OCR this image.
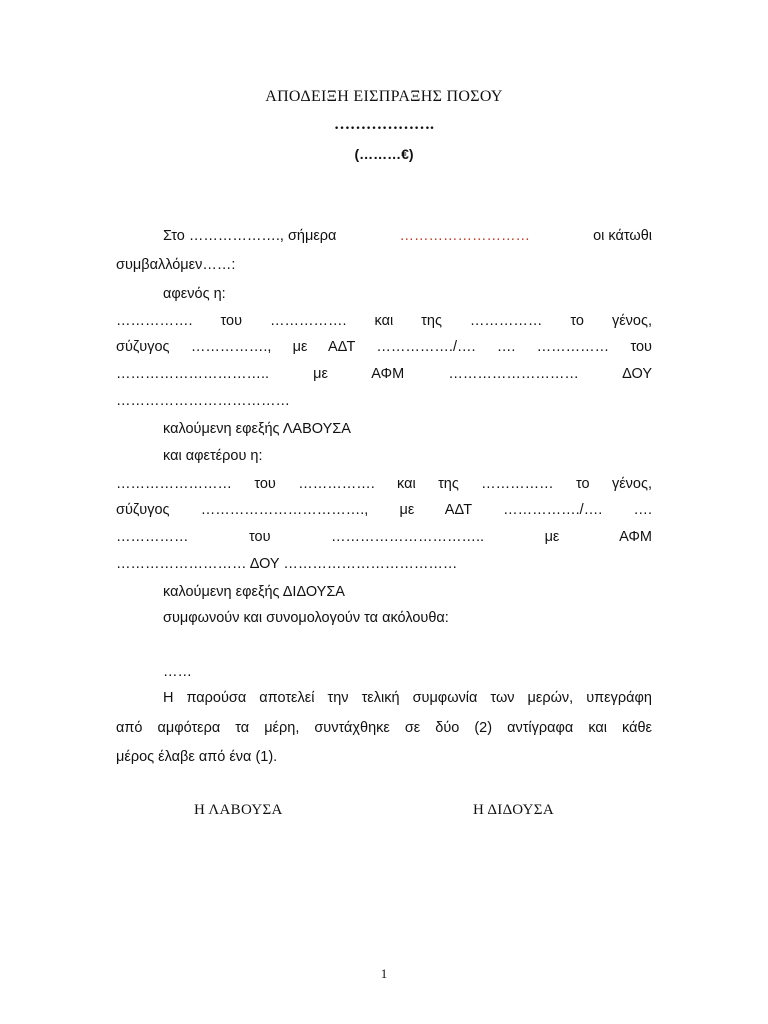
ΑΠΟΔΕΙΞΗ ΕΙΣΠΡΑΞΗΣ ΠΟΣΟΥ
……………….
(………€)
Στο ………………., σήμερα	………………………	οι κάτωθι
συμβαλλόμεν……:
αφενός η:
……………. του ……………. και της …………… το γένος,
σύζυγος ……………., με ΑΔΤ ……………./…. …. …………… του
………………………….. με ΑΦΜ ……………………… ΔΟΥ
………………………………
καλούμενη εφεξής ΛΑΒΟΥΣΑ
και αφετέρου η:
…………………… του ……………. και της …………… το γένος,
σύζυγος ……………………………., με ΑΔΤ ……………./…. ….
…………… του ………………………….. με ΑΦΜ
……………………… ΔΟΥ ………………………………
καλούμενη εφεξής ΔΙΔΟΥΣΑ
συμφωνούν και συνομολογούν τα ακόλουθα:
……
Η παρούσα αποτελεί την τελική συμφωνία των μερών, υπεγράφη
από αμφότερα τα μέρη, συντάχθηκε σε δύο (2) αντίγραφα και κάθε
μέρος έλαβε από ένα (1).
Η ΛΑΒΟΥΣΑ	Η ΔΙΔΟΥΣΑ
1
